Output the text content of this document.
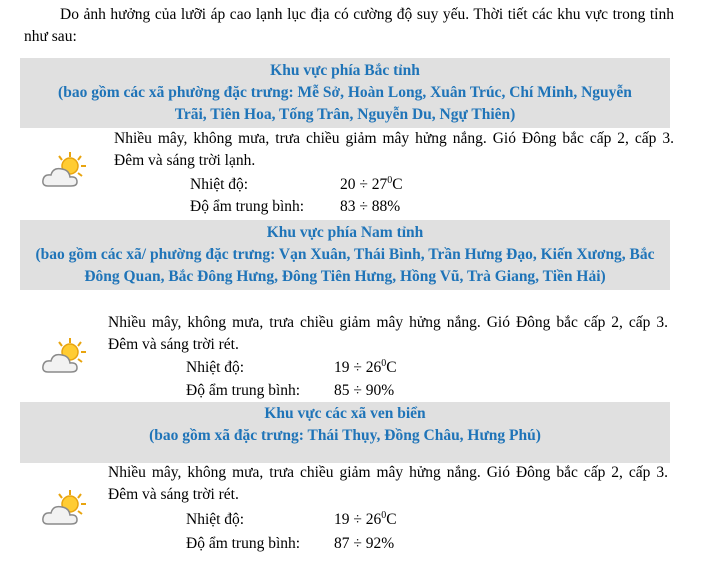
Do ảnh hưởng của lưỡi áp cao lạnh lục địa có cường độ suy yếu. Thời tiết các khu vực trong tỉnh như sau:
Khu vực phía Bắc tỉnh
(bao gồm các xã phường đặc trưng: Mễ Sở, Hoàn Long, Xuân Trúc, Chí Minh, Nguyễn Trãi, Tiên Hoa, Tống Trân, Nguyễn Du, Ngự Thiên)
Nhiều mây, không mưa, trưa chiều giảm mây hửng nắng. Gió Đông bắc cấp 2, cấp 3. Đêm và sáng trời lạnh.
Nhiệt độ:	$20 \div 27^0C$
Độ ẩm trung bình: 83 ÷ 88%
Khu vực phía Nam tỉnh
(bao gồm các xã/ phường đặc trưng: Vạn Xuân, Thái Bình, Trần Hưng Đạo, Kiến Xương, Bắc Đông Quan, Bắc Đông Hưng, Đông Tiên Hưng, Hồng Vũ, Trà Giang, Tiền Hải)
Nhiều mây, không mưa, trưa chiều giảm mây hửng nắng. Gió Đông bắc cấp 2, cấp 3. Đêm và sáng trời rét.
Nhiệt độ:	$19 \div 26^0C$
Độ ẩm trung bình: 85 ÷ 90%
Khu vực các xã ven biển
(bao gồm xã đặc trưng: Thái Thụy, Đồng Châu, Hưng Phú)
Nhiều mây, không mưa, trưa chiều giảm mây hửng nắng. Gió Đông bắc cấp 2, cấp 3. Đêm và sáng trời rét.
Nhiệt độ:	$19 \div 26^0C$
Độ ẩm trung bình: 87 ÷ 92%
